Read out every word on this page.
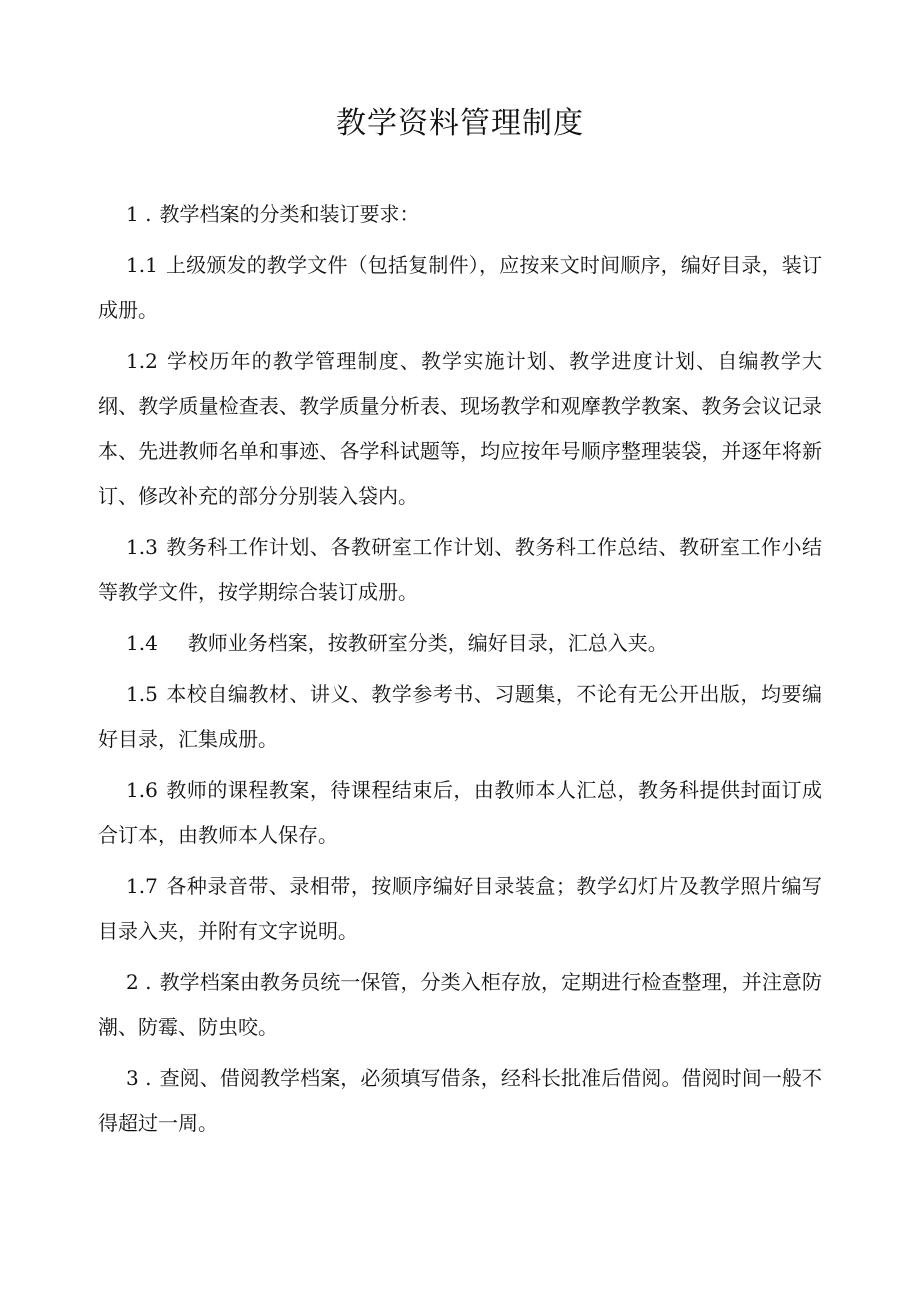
教学资料管理制度

1 . 教学档案的分类和装订要求：

1.1 上级颁发的教学文件（包括复制件），应按来文时间顺序，编好目录，装订成册。

1.2 学校历年的教学管理制度、教学实施计划、教学进度计划、自编教学大纲、教学质量检查表、教学质量分析表、现场教学和观摩教学教案、教务会议记录本、先进教师名单和事迹、各学科试题等，均应按年号顺序整理装袋，并逐年将新订、修改补充的部分分别装入袋内。

1.3 教务科工作计划、各教研室工作计划、教务科工作总结、教研室工作小结等教学文件，按学期综合装订成册。

1.4 教师业务档案，按教研室分类，编好目录，汇总入夹。

1.5 本校自编教材、讲义、教学参考书、习题集，不论有无公开出版，均要编好目录，汇集成册。

1.6 教师的课程教案，待课程结束后，由教师本人汇总，教务科提供封面订成合订本，由教师本人保存。

1.7 各种录音带、录相带，按顺序编好目录装盒；教学幻灯片及教学照片编写目录入夹，并附有文字说明。

2 . 教学档案由教务员统一保管，分类入柜存放，定期进行检查整理，并注意防潮、防霉、防虫咬。

3 . 查阅、借阅教学档案，必须填写借条，经科长批准后借阅。借阅时间一般不得超过一周。
